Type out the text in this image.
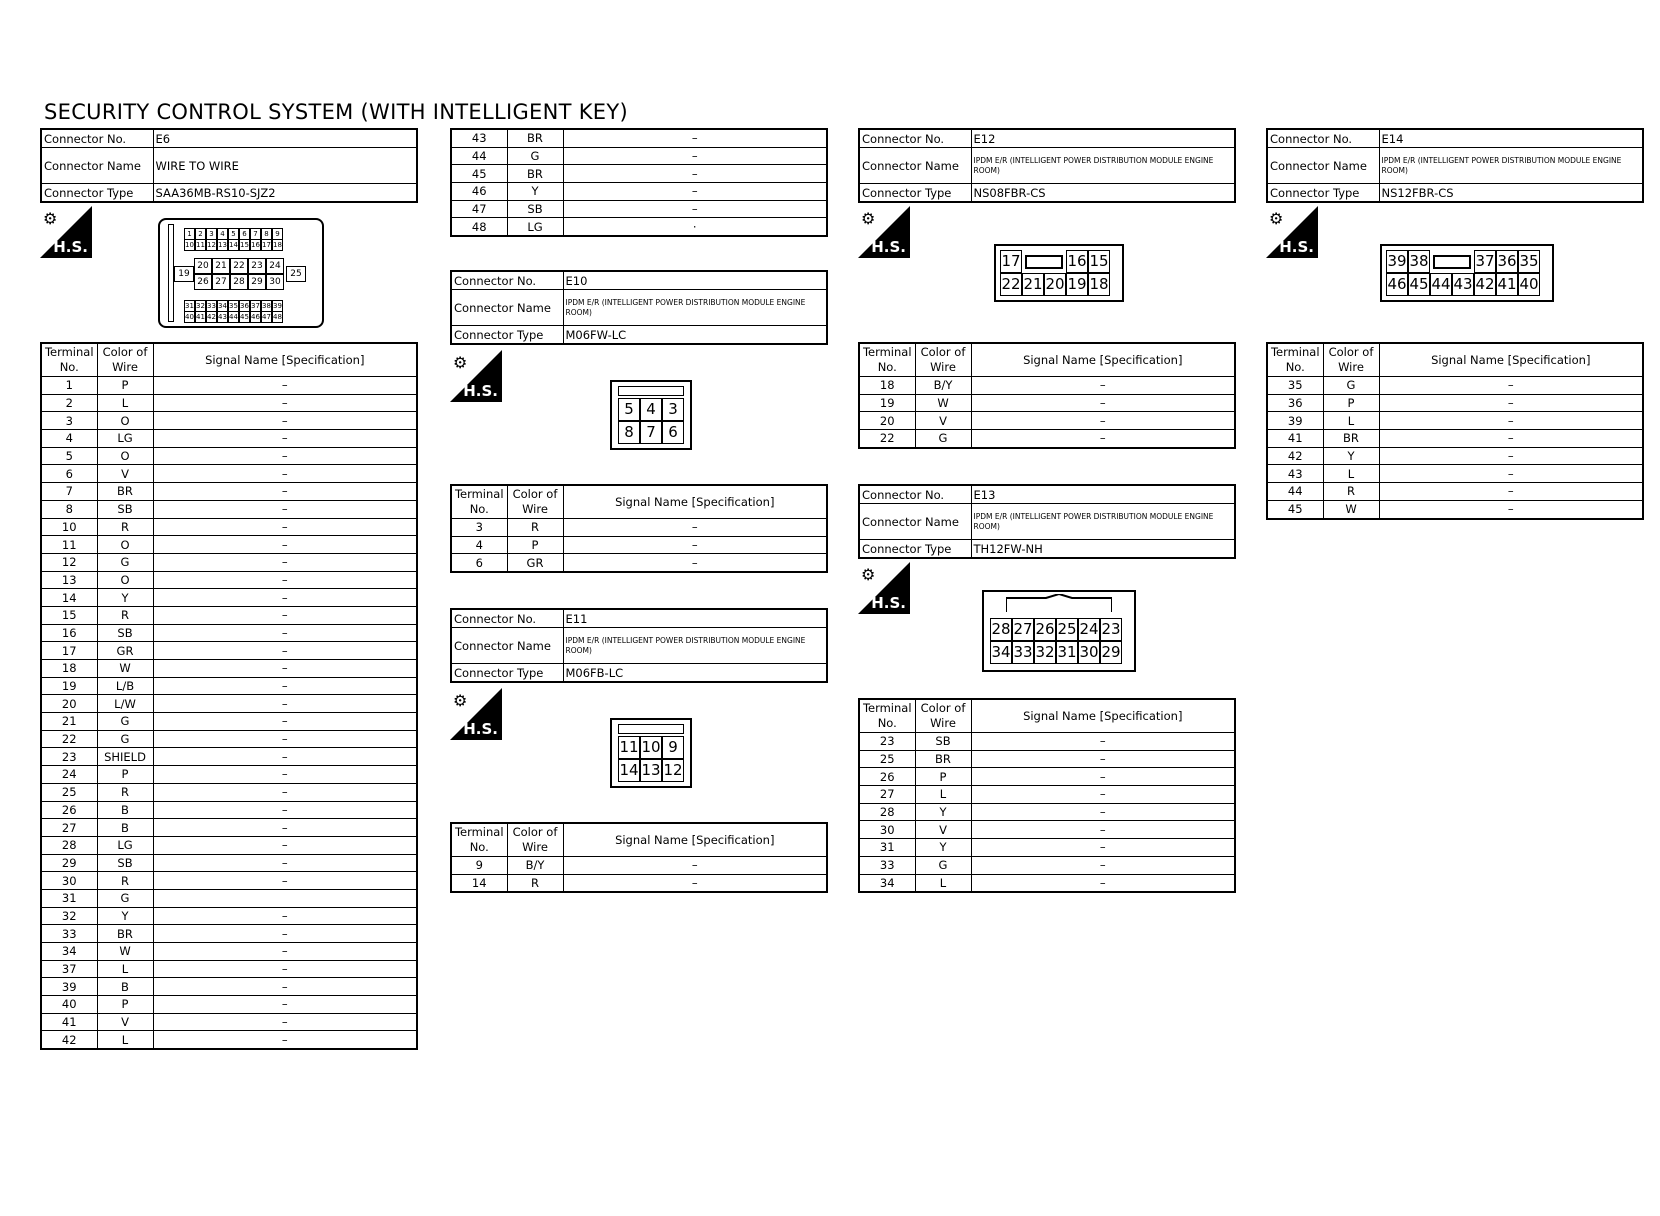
SECURITY CONTROL SYSTEM (WITH INTELLIGENT KEY)
Connector No.	E6
Connector Name	WIRE TO WIRE
Connector Type	SAA36MB-RS10-SJZ2
⚙
H.S.
1 2 3 4 5 6 7 8 9
10 11 12 13 14 15 16 17 18
19
20 21 22 23 24
26 27 28 29 30
25
31 32 33 34 35 36 37 38 39
40 41 42 43 44 45 46 47 48
Terminal No.	Color of Wire	Signal Name [Specification]
1	P	–
2	L	–
3	O	–
4	LG	–
5	O	–
6	V	–
7	BR	–
8	SB	–
10	R	–
11	O	–
12	G	–
13	O	–
14	Y	–
15	R	–
16	SB	–
17	GR	–
18	W	–
19	L/B	–
20	L/W	–
21	G	–
22	G	–
23	SHIELD	–
24	P	–
25	R	–
26	B	–
27	B	–
28	LG	–
29	SB	–
30	R	–
31	G	
32	Y	–
33	BR	–
34	W	–
37	L	–
39	B	–
40	P	–
41	V	–
42	L	–
43	BR	–
44	G	–
45	BR	–
46	Y	–
47	SB	–
48	LG	·
Connector No.	E10
Connector Name	IPDM E/R (INTELLIGENT POWER DISTRIBUTION MODULE ENGINE ROOM)
Connector Type	M06FW-LC
⚙
H.S.
5 4 3
8 7 6
Terminal No.	Color of Wire	Signal Name [Specification]
3	R	–
4	P	–
6	GR	–
Connector No.	E11
Connector Name	IPDM E/R (INTELLIGENT POWER DISTRIBUTION MODULE ENGINE ROOM)
Connector Type	M06FB-LC
⚙
H.S.
11 10 9
14 13 12
Terminal No.	Color of Wire	Signal Name [Specification]
9	B/Y	–
14	R	–
Connector No.	E12
Connector Name	IPDM E/R (INTELLIGENT POWER DISTRIBUTION MODULE ENGINE ROOM)
Connector Type	NS08FBR-CS
⚙
H.S.
17	16 15
22 21 20 19 18
Terminal No.	Color of Wire	Signal Name [Specification]
18	B/Y	–
19	W	–
20	V	–
22	G	–
Connector No.	E13
Connector Name	IPDM E/R (INTELLIGENT POWER DISTRIBUTION MODULE ENGINE ROOM)
Connector Type	TH12FW-NH
⚙
H.S.
28 27 26 25 24 23
34 33 32 31 30 29
Terminal No.	Color of Wire	Signal Name [Specification]
23	SB	–
25	BR	–
26	P	–
27	L	–
28	Y	–
30	V	–
31	Y	–
33	G	–
34	L	–
Connector No.	E14
Connector Name	IPDM E/R (INTELLIGENT POWER DISTRIBUTION MODULE ENGINE ROOM)
Connector Type	NS12FBR-CS
⚙
H.S.
39 38	37 36 35
46 45 44 43 42 41 40
Terminal No.	Color of Wire	Signal Name [Specification]
35	G	–
36	P	–
39	L	–
41	BR	–
42	Y	–
43	L	–
44	R	–
45	W	–
